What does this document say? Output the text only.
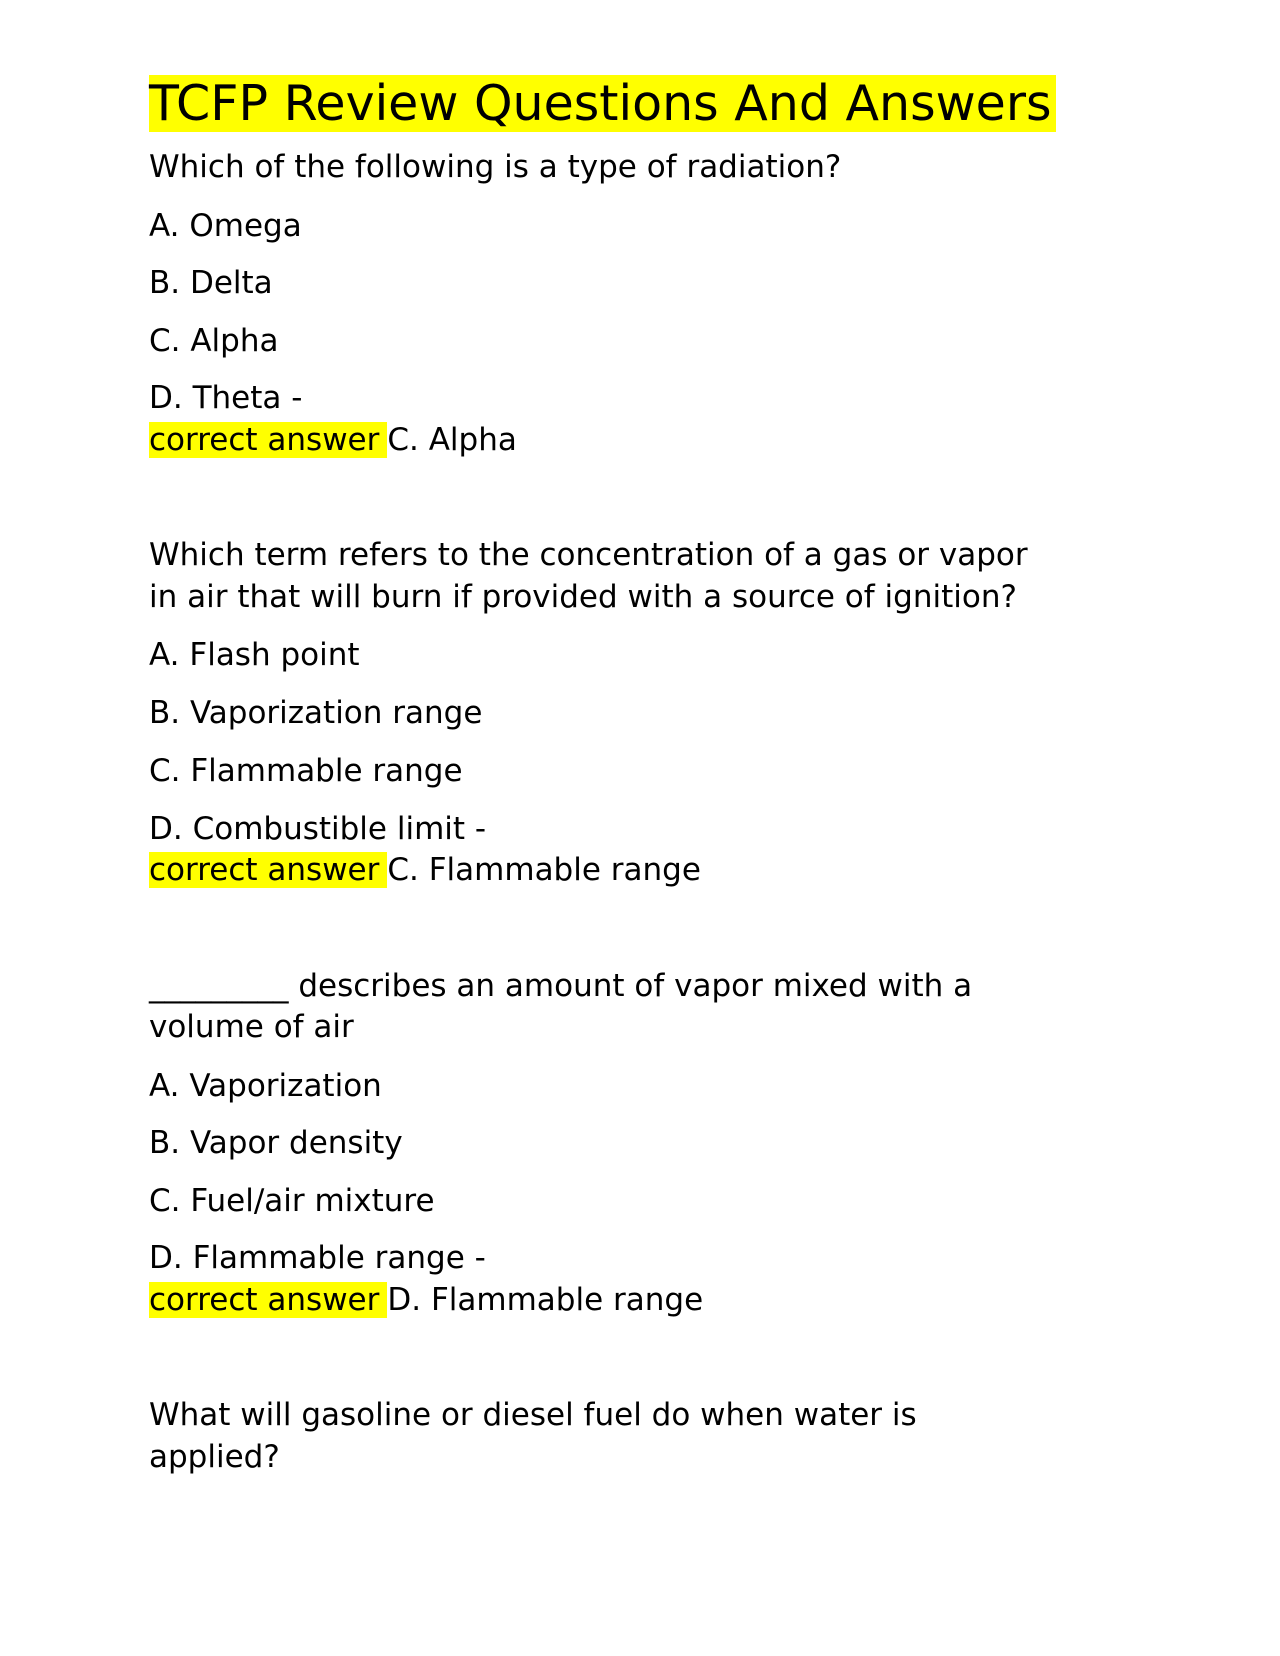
TCFP Review Questions And Answers
Which of the following is a type of radiation?
A. Omega
B. Delta
C. Alpha
D. Theta -
correct answer C. Alpha
Which term refers to the concentration of a gas or vapor
in air that will burn if provided with a source of ignition?
A. Flash point
B. Vaporization range
C. Flammable range
D. Combustible limit -
correct answer C. Flammable range
_________ describes an amount of vapor mixed with a
volume of air
A. Vaporization
B. Vapor density
C. Fuel/air mixture
D. Flammable range -
correct answer D. Flammable range
What will gasoline or diesel fuel do when water is
applied?
